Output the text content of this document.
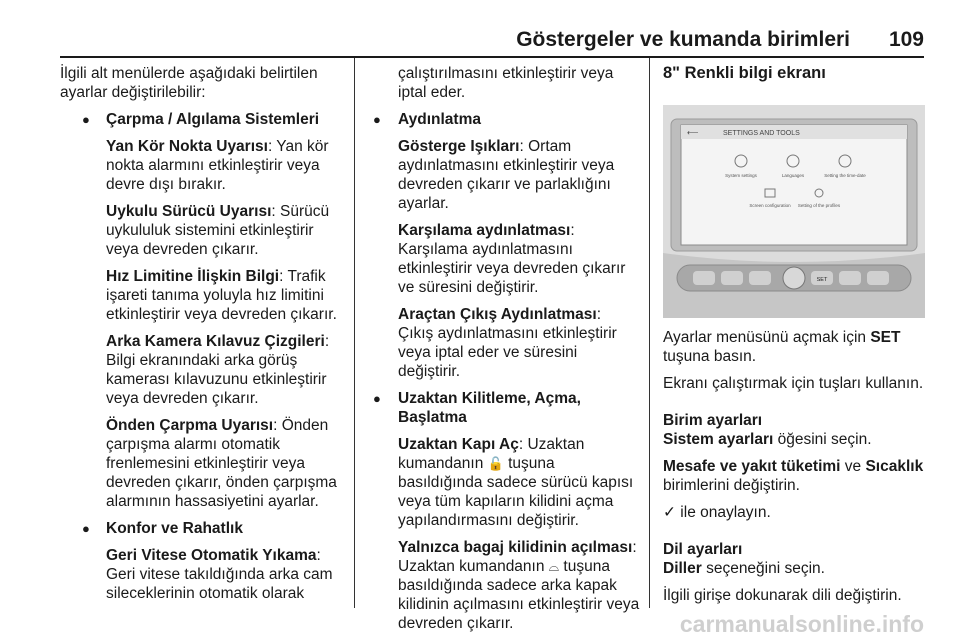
Göstergeler ve kumanda birimleri 109

İlgili alt menülerde aşağıdaki belirtilen ayarlar değiştirilebilir:

● Çarpma / Algılama Sistemleri
Yan Kör Nokta Uyarısı: Yan kör nokta alarmını etkinleştirir veya devre dışı bırakır.
Uykulu Sürücü Uyarısı: Sürücü uykululuk sistemini etkinleştirir veya devreden çıkarır.
Hız Limitine İlişkin Bilgi: Trafik işareti tanıma yoluyla hız limitini etkinleştirir veya devreden çıkarır.
Arka Kamera Kılavuz Çizgileri: Bilgi ekranındaki arka görüş kamerası kılavuzunu etkinleştirir veya devreden çıkarır.
Önden Çarpma Uyarısı: Önden çarpışma alarmı otomatik frenlemesini etkinleştirir veya devreden çıkarır, önden çarpışma alarmının hassasiyetini ayarlar.
● Konfor ve Rahatlık
Geri Vitese Otomatik Yıkama: Geri vitese takıldığında arka cam sileceklerinin otomatik olarak
çalıştırılmasını etkinleştirir veya iptal eder.
● Aydınlatma
Gösterge Işıkları: Ortam aydınlatmasını etkinleştirir veya devreden çıkarır ve parlaklığını ayarlar.
Karşılama aydınlatması: Karşılama aydınlatmasını etkinleştirir veya devreden çıkarır ve süresini değiştirir.
Araçtan Çıkış Aydınlatması: Çıkış aydınlatmasını etkinleştirir veya iptal eder ve süresini değiştirir.
● Uzaktan Kilitleme, Açma, Başlatma
Uzaktan Kapı Aç: Uzaktan kumandanın 🔓 tuşuna basıldığında sadece sürücü kapısı veya tüm kapıların kilidini açma yapılandırmasını değiştirir.
Yalnızca bagaj kilidinin açılması: Uzaktan kumandanın ⌓ tuşuna basıldığında sadece arka kapak kilidinin açılmasını etkinleştirir veya devreden çıkarır.
8" Renkli bilgi ekranı
⟵	SETTINGS AND TOOLS
System settings	Languages	Setting the time-date
Screen configuration Setting of the profiles
SET

Ayarlar menüsünü açmak için SET tuşuna basın.

Ekranı çalıştırmak için tuşları kullanın.

Birim ayarları

Sistem ayarları öğesini seçin.

Mesafe ve yakıt tüketimi ve Sıcaklık birimlerini değiştirin.

✓ ile onaylayın.

Dil ayarları

Diller seçeneğini seçin.

İlgili girişe dokunarak dili değiştirin.

carmanualsonline.info
